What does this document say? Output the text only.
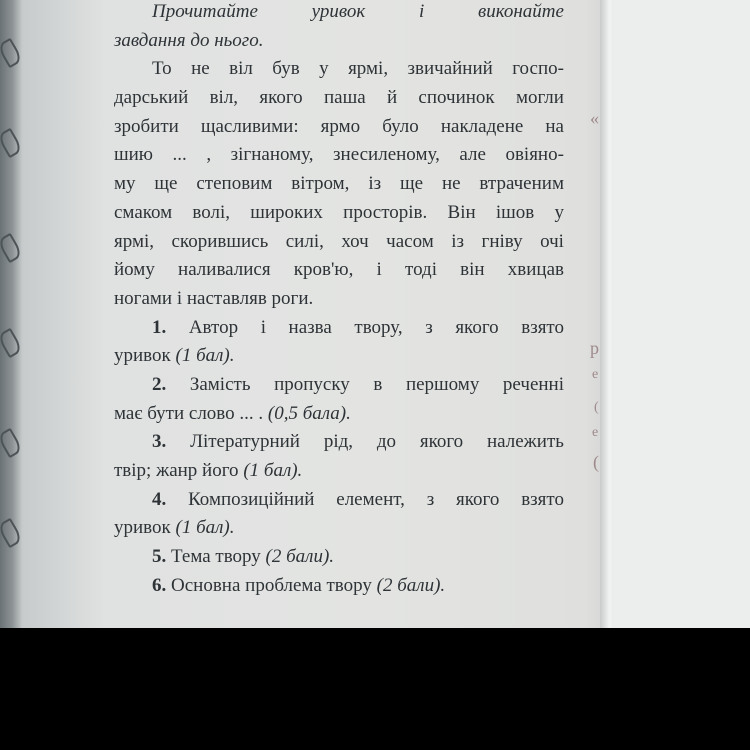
«
р
е
(
е
(
Прочитайте	уривок	і	виконайте
завдання
до
нього.
То не віл був у ярмі, звичайний госпо-
дарський віл, якого паша й спочинок могли
зробити щасливими: ярмо було накладене на
шию ... , зігнаному, знесиленому, але овіяно-
му ще степовим вітром, із ще не втраченим
смаком волі, широких просторів. Він ішов у
ярмі, скорившись силі, хоч часом із гніву очі
йому наливалися кров'ю, і тоді він хвицав
ногами
і
наставляв
роги.
1. Автор і назва твору, з якого взято
уривок
(1 бал).
2. Замість пропуску в першому реченні
має бути слово ... .
(0,5 бала).
3. Літературний рід, до якого належить
твір; жанр його
(1 бал).
4. Композиційний елемент, з якого взято
уривок
(1 бал).
5.
Тема твору
(2 бали).
6.
Основна проблема твору
(2 бали).
